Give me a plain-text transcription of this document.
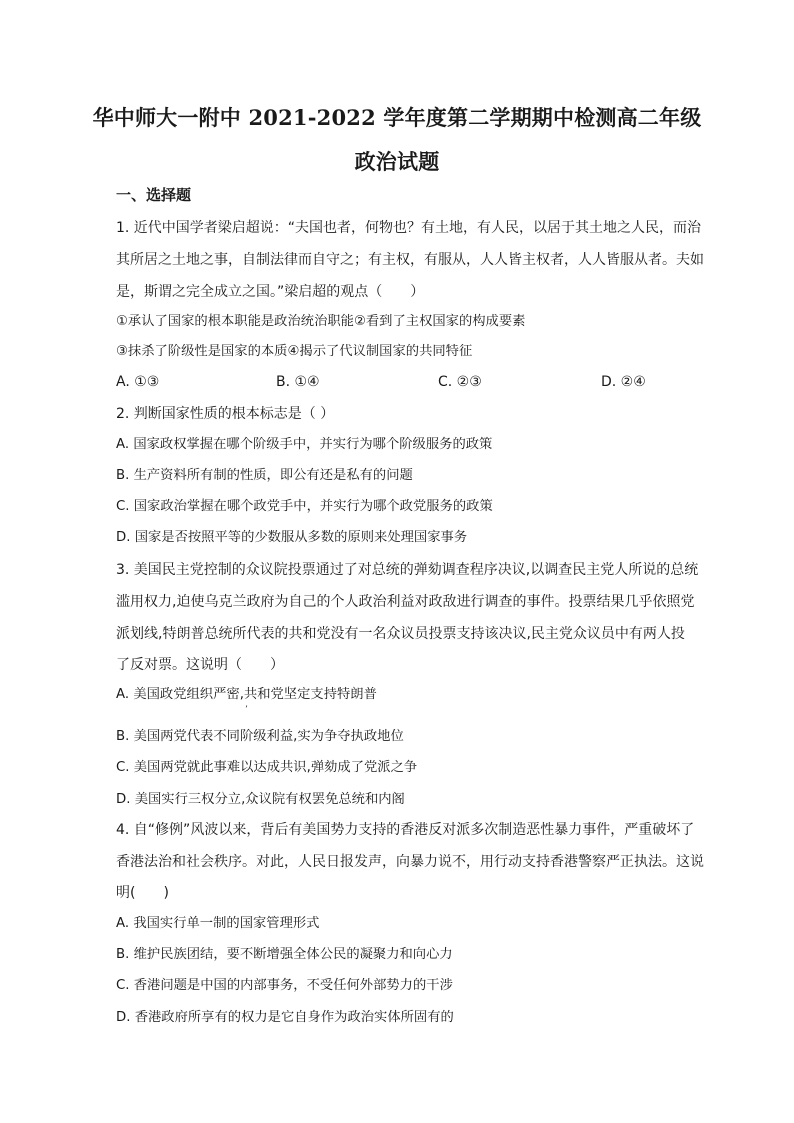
华中师大一附中 2021-2022 学年度第二学期期中检测高二年级
政治试题
一、选择题
1. 近代中国学者梁启超说：“夫国也者，何物也？有土地，有人民，以居于其土地之人民，而治
其所居之土地之事，自制法律而自守之；有主权，有服从，人人皆主权者，人人皆服从者。夫如
是，斯谓之完全成立之国。”梁启超的观点（　　）
①承认了国家的根本职能是政治统治职能②看到了主权国家的构成要素
③抹杀了阶级性是国家的本质④揭示了代议制国家的共同特征
A. ①③	B. ①④	C. ②③	D. ②④
2. 判断国家性质的根本标志是（ ）
A. 国家政权掌握在哪个阶级手中，并实行为哪个阶级服务的政策
B. 生产资料所有制的性质，即公有还是私有的问题
C. 国家政治掌握在哪个政党手中，并实行为哪个政党服务的政策
D. 国家是否按照平等的少数服从多数的原则来处理国家事务
3. 美国民主党控制的众议院投票通过了对总统的弹劾调查程序决议,以调查民主党人所说的总统
滥用权力,迫使乌克兰政府为自己的个人政治利益对政敌进行调查的事件。投票结果几乎依照党
派划线,特朗普总统所代表的共和党没有一名众议员投票支持该决议,民主党众议员中有两人投
了反对票。这说明（　　）
A. 美国政党组织严密,共和党坚定支持特朗普
’
B. 美国两党代表不同阶级利益,实为争夺执政地位
C. 美国两党就此事难以达成共识,弹劾成了党派之争
D. 美国实行三权分立,众议院有权罢免总统和内阁
4. 自“修例”风波以来，背后有美国势力支持的香港反对派多次制造恶性暴力事件，严重破坏了
香港法治和社会秩序。对此，人民日报发声，向暴力说不，用行动支持香港警察严正执法。这说
明(　　)
A. 我国实行单一制的国家管理形式
B. 维护民族团结，要不断增强全体公民的凝聚力和向心力
C. 香港问题是中国的内部事务，不受任何外部势力的干涉
D. 香港政府所享有的权力是它自身作为政治实体所固有的
